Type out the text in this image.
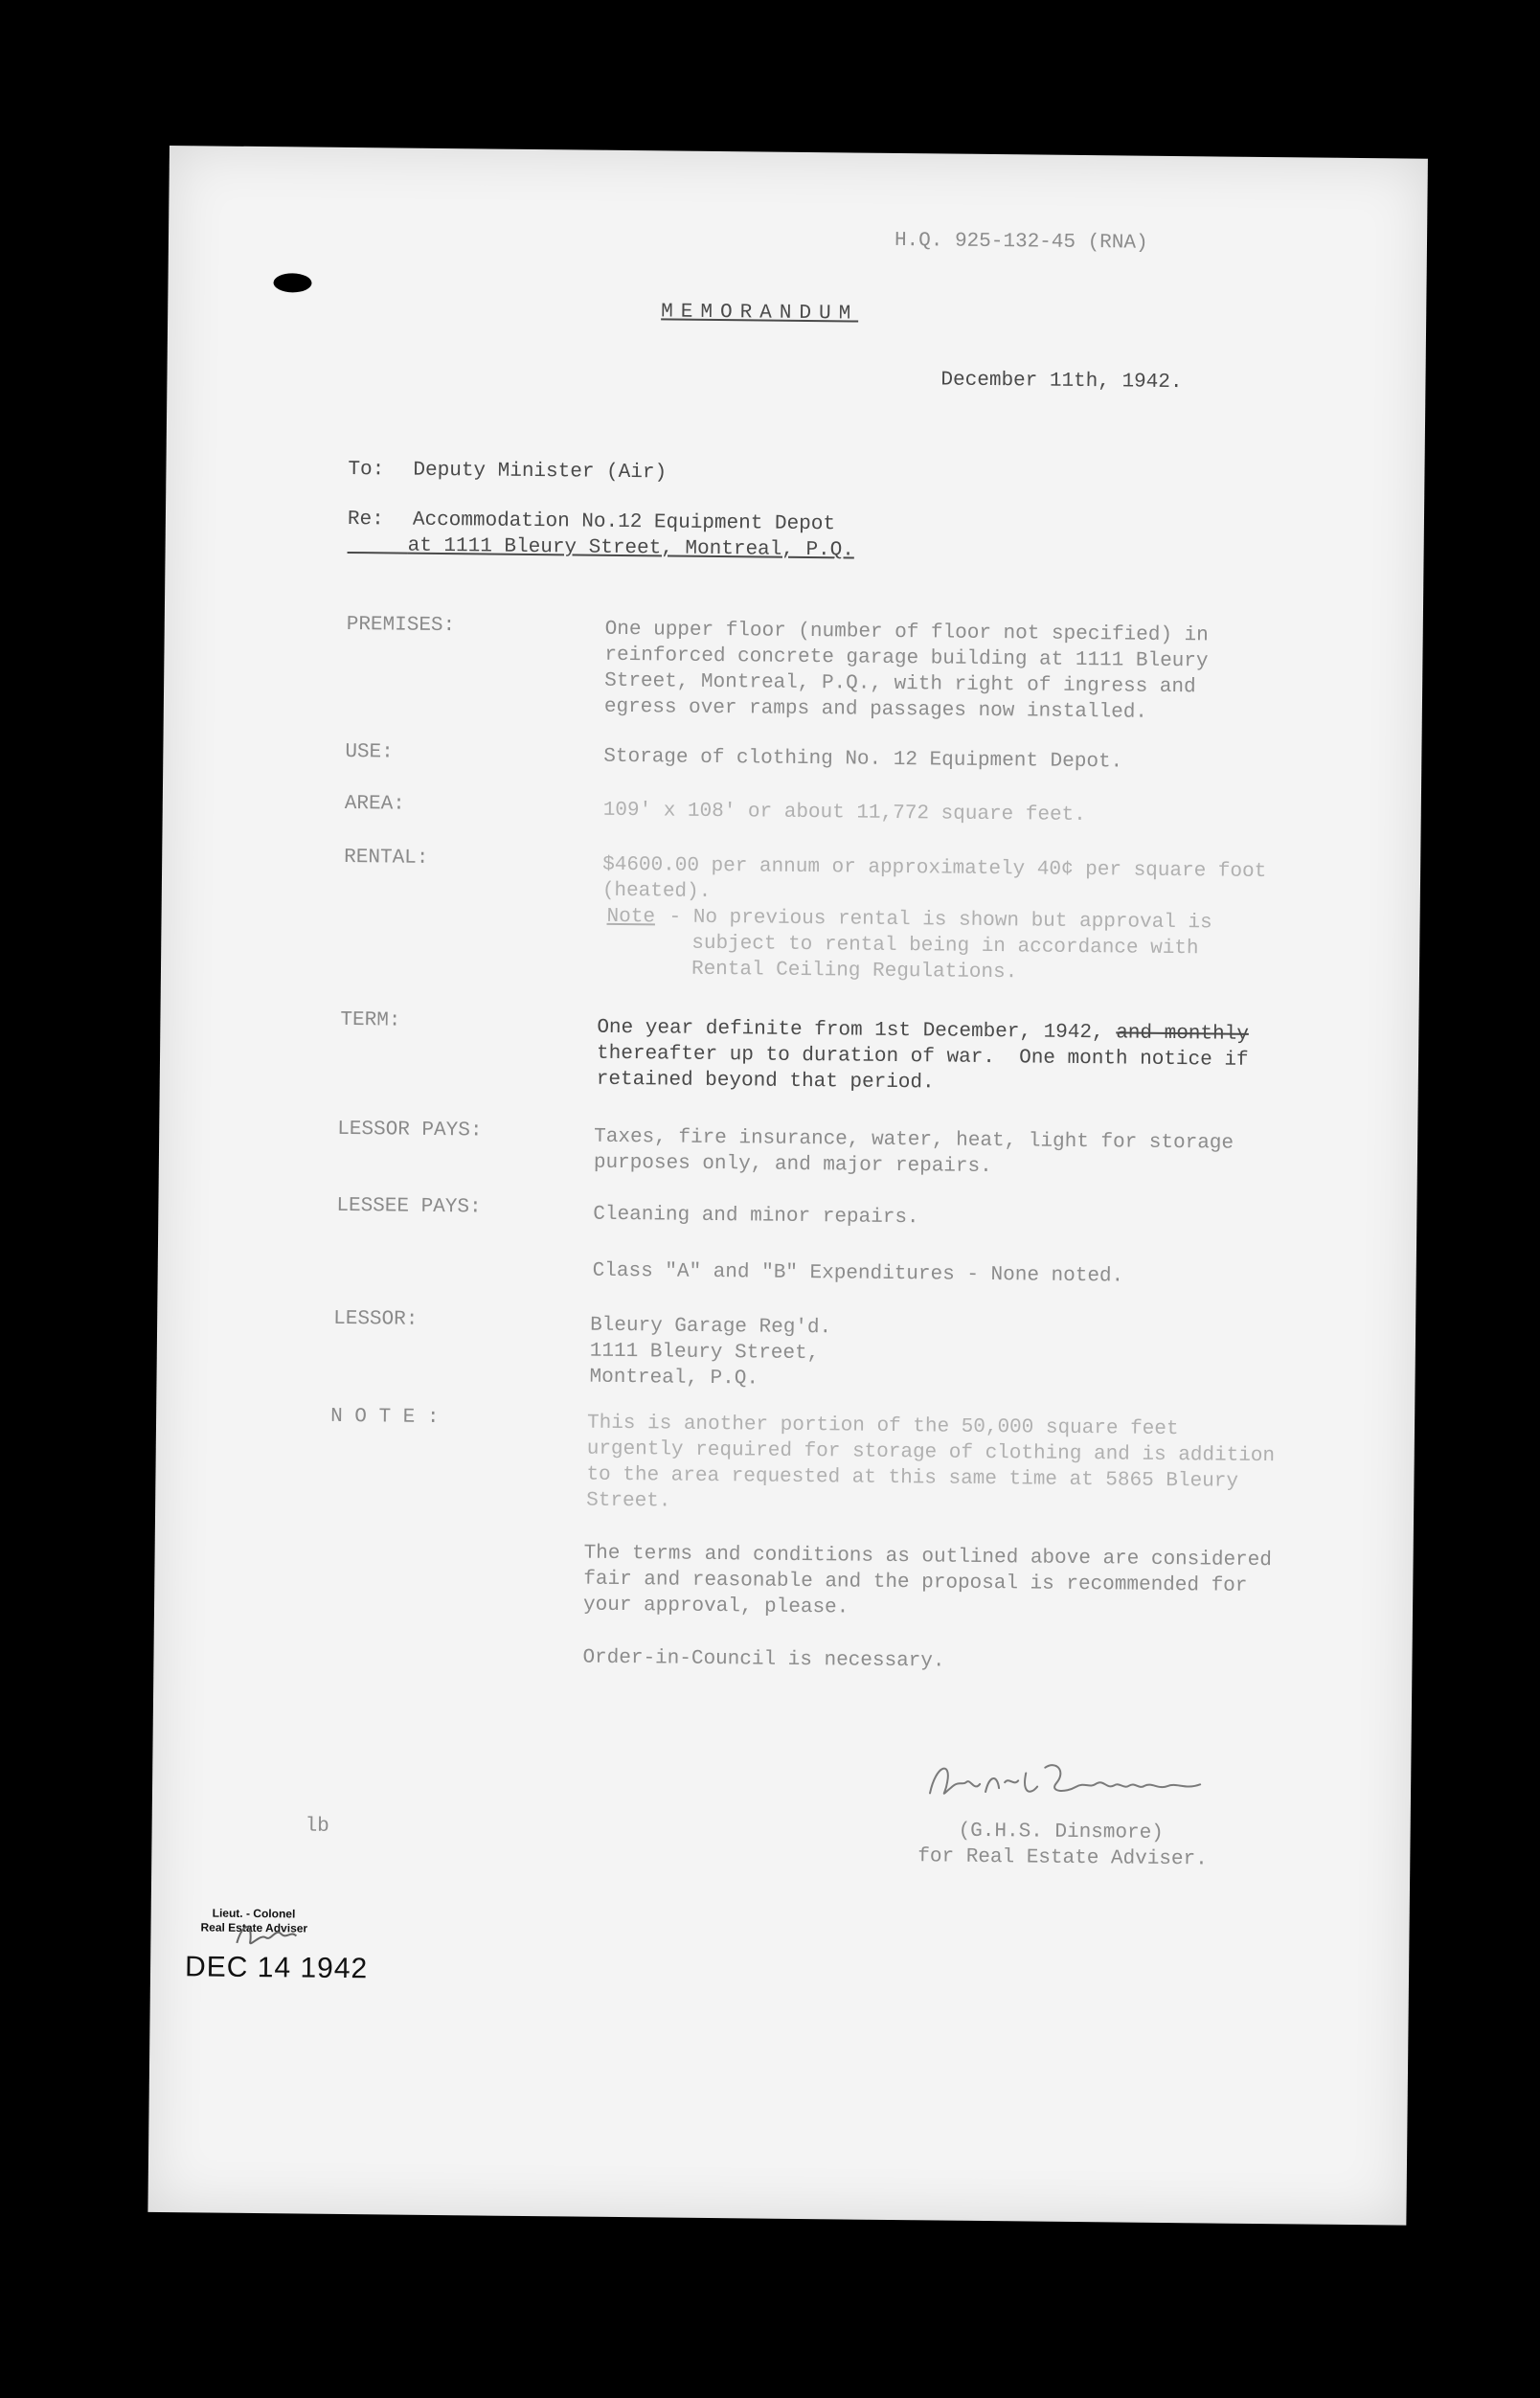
H.Q. 925-132-45 (RNA)
MEMORANDUM
December 11th, 1942.
To: Deputy Minister (Air)
Re: Accommodation No.12 Equipment Depot
at 1111 Bleury Street, Montreal, P.Q.
PREMISES:	One upper floor (number of floor not specified) in
reinforced concrete garage building at 1111 Bleury
Street, Montreal, P.Q., with right of ingress and
egress over ramps and passages now installed.
USE:	Storage of clothing No. 12 Equipment Depot.
AREA:	109' x 108' or about 11,772 square feet.
RENTAL:	$4600.00 per annum or approximately 40¢ per square foot
(heated).
Note - No previous rental is shown but approval is
subject to rental being in accordance with
Rental Ceiling Regulations.
TERM:	One year definite from 1st December, 1942, and monthly
thereafter up to duration of war.  One month notice if
retained beyond that period.
LESSOR PAYS:	Taxes, fire insurance, water, heat, light for storage
purposes only, and major repairs.
LESSEE PAYS:	Cleaning and minor repairs.
Class "A" and "B" Expenditures - None noted.
LESSOR:	Bleury Garage Reg'd.
1111 Bleury Street,
Montreal, P.Q.
N O T E :	This is another portion of the 50,000 square feet
urgently required for storage of clothing and is addition
to the area requested at this same time at 5865 Bleury
Street.
The terms and conditions as outlined above are considered
fair and reasonable and the proposal is recommended for
your approval, please.
Order-in-Council is necessary.
(G.H.S. Dinsmore)
for Real Estate Adviser.
lb
Lieut. - Colonel
Real Estate Adviser
DEC 14 1942
